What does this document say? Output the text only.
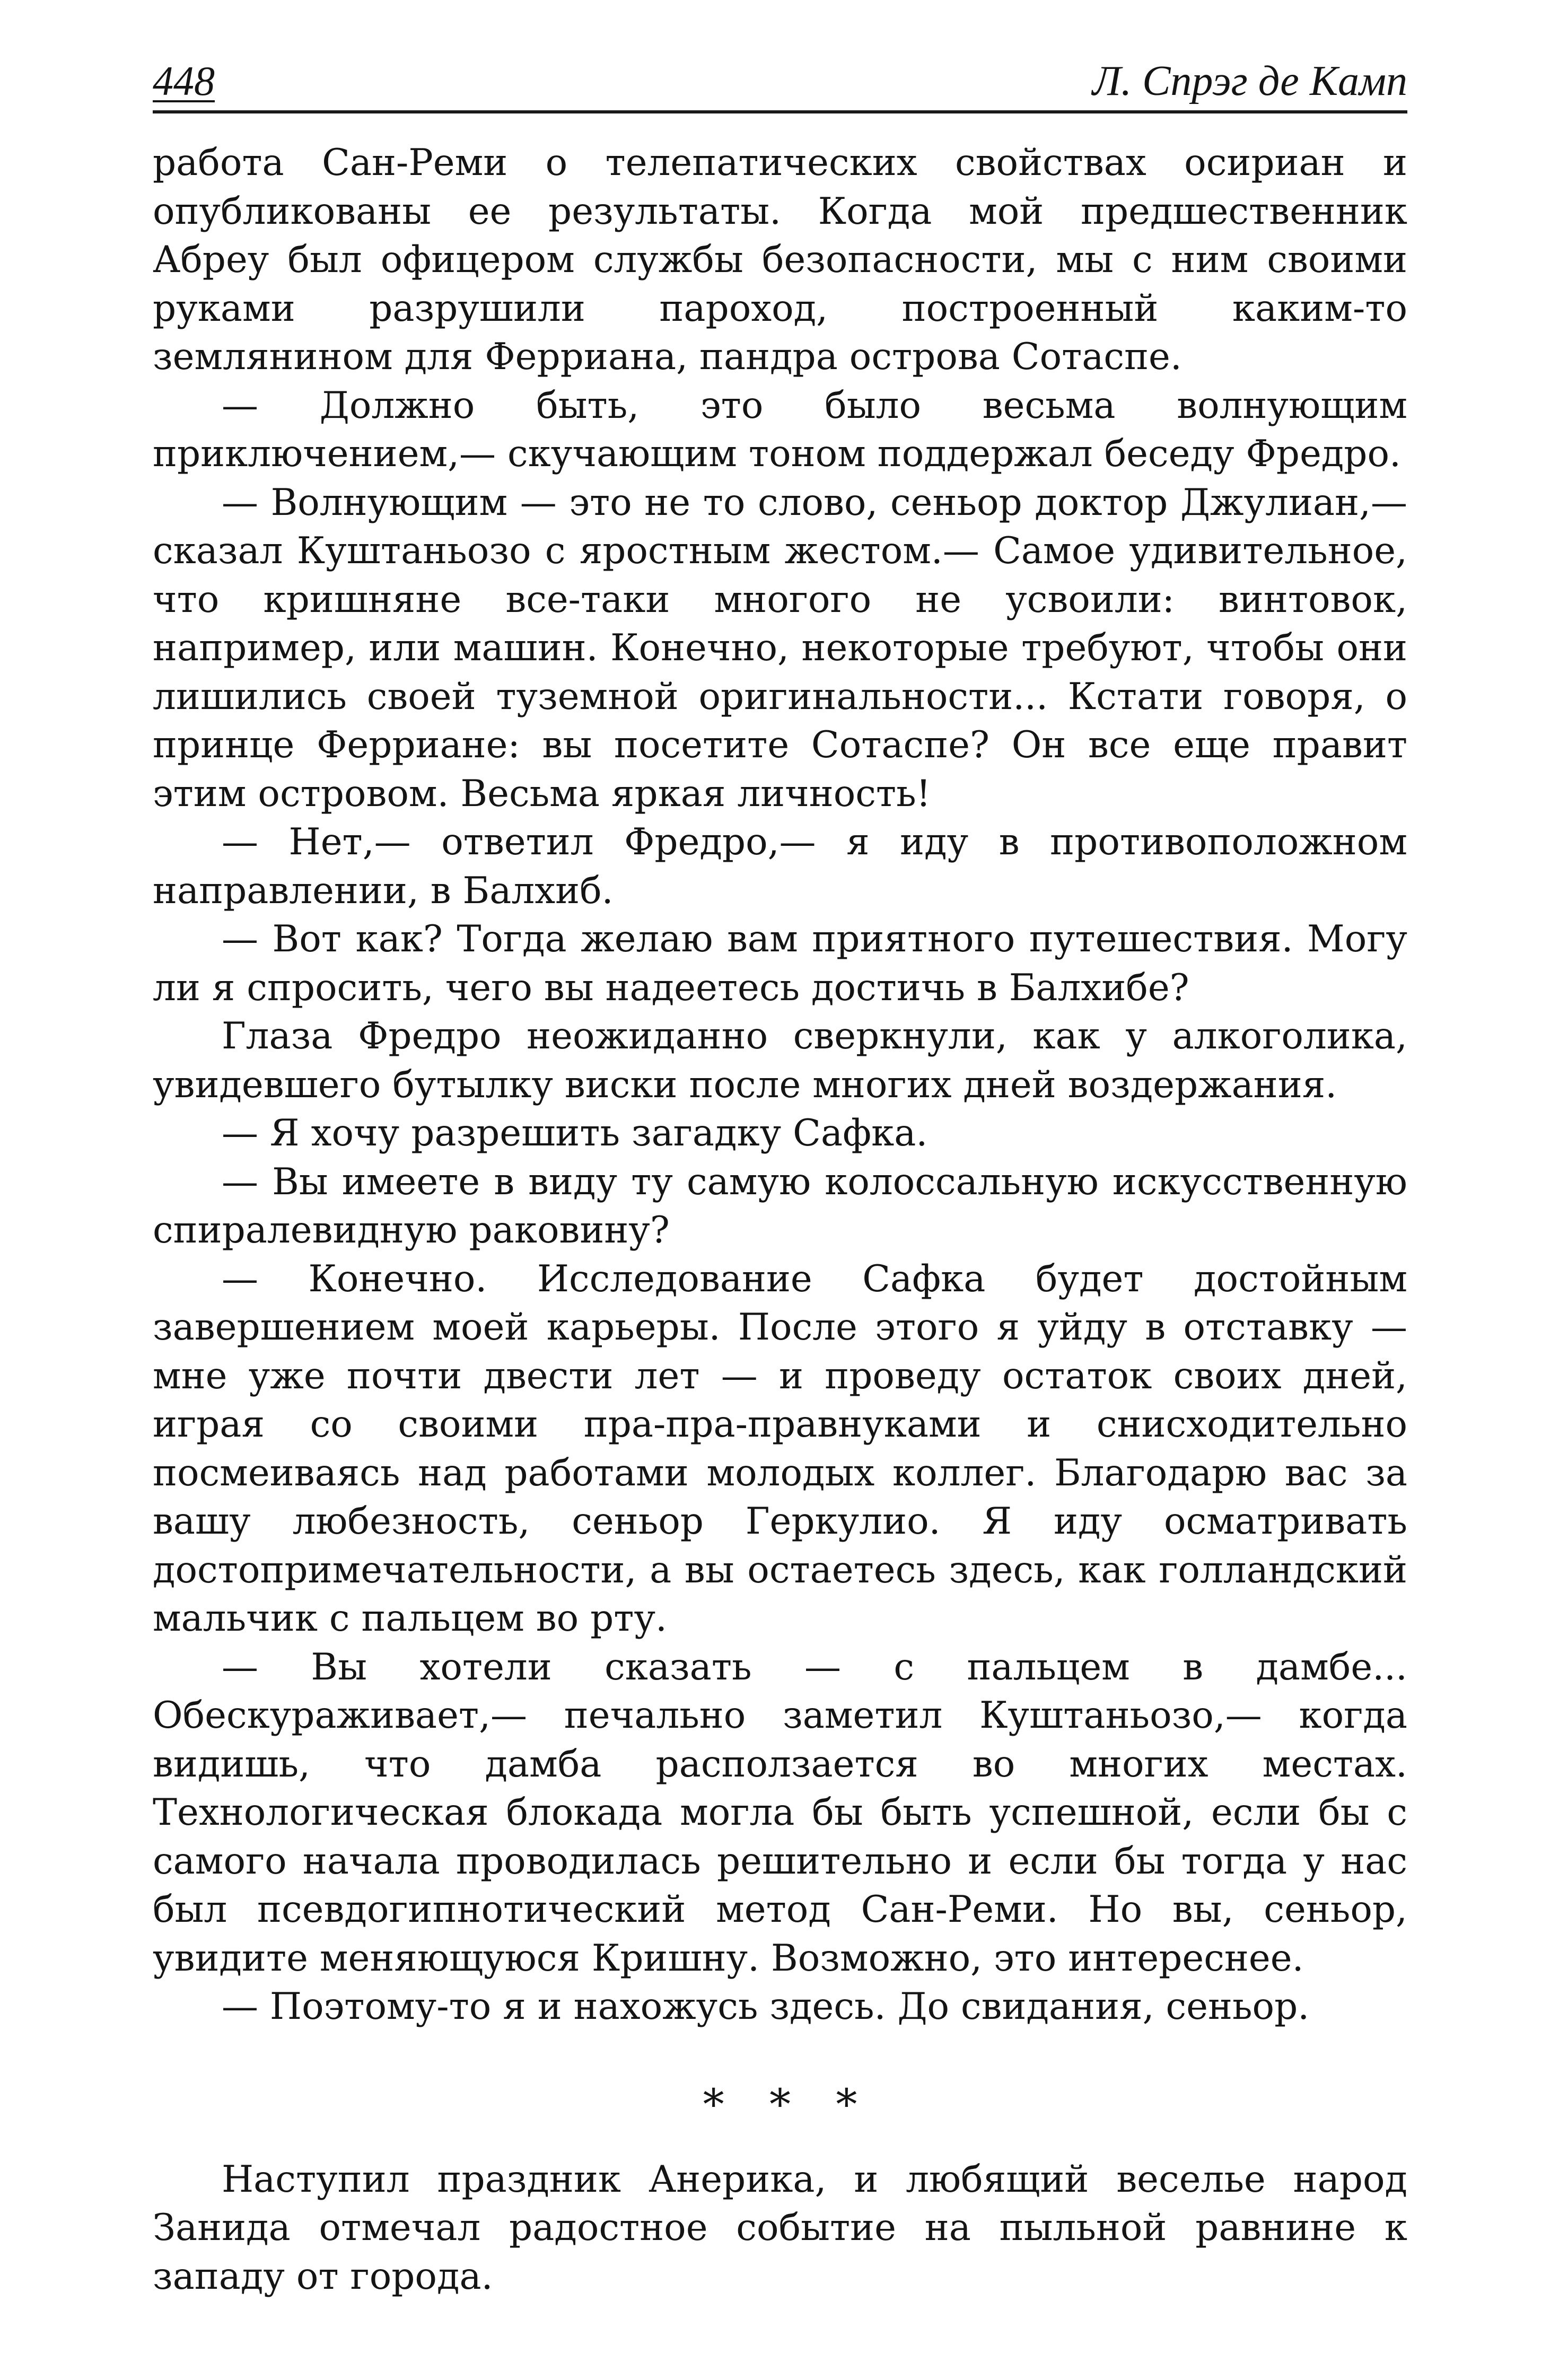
448	Л. Спрэг де Камп

работа Сан-Реми о телепатических свойствах осириан и опубликованы ее результаты. Когда мой предшественник Абреу был офицером службы безопасности, мы с ним своими руками разрушили пароход, построенный каким-то землянином для Ферриана, пандра острова Сотаспе.

— Должно быть, это было весьма волнующим приключением,— скучающим тоном поддержал беседу Фредро.

— Волнующим — это не то слово, сеньор доктор Джулиан,— сказал Куштаньозо с яростным жестом.— Самое удивительное, что кришняне все-таки многого не усвоили: винтовок, например, или машин. Конечно, некоторые требуют, чтобы они лишились своей туземной оригинальности... Кстати говоря, о принце Ферриане: вы посетите Сотаспе? Он все еще правит этим островом. Весьма яркая личность!

— Нет,— ответил Фредро,— я иду в противоположном направлении, в Балхиб.

— Вот как? Тогда желаю вам приятного путешествия. Могу ли я спросить, чего вы надеетесь достичь в Балхибе?

Глаза Фредро неожиданно сверкнули, как у алкоголика, увидевшего бутылку виски после многих дней воздержания.

— Я хочу разрешить загадку Сафка.

— Вы имеете в виду ту самую колоссальную искусственную спиралевидную раковину?

— Конечно. Исследование Сафка будет достойным завершением моей карьеры. После этого я уйду в отставку — мне уже почти двести лет — и проведу остаток своих дней, играя со своими пра-пра-правнуками и снисходительно посмеиваясь над работами молодых коллег. Благодарю вас за вашу любезность, сеньор Геркулио. Я иду осматривать достопримечательности, а вы остаетесь здесь, как голландский мальчик с пальцем во рту.

— Вы хотели сказать — с пальцем в дамбе... Обескураживает,— печально заметил Куштаньозо,— когда видишь, что дамба расползается во многих местах. Технологическая блокада могла бы быть успешной, если бы с самого начала проводилась решительно и если бы тогда у нас был псевдогипнотический метод Сан-Реми. Но вы, сеньор, увидите меняющуюся Кришну. Возможно, это интереснее.

— Поэтому-то я и нахожусь здесь. До свидания, сеньор.

* * *

Наступил праздник Анерика, и любящий веселье народ Занида отмечал радостное событие на пыльной равнине к западу от города.
